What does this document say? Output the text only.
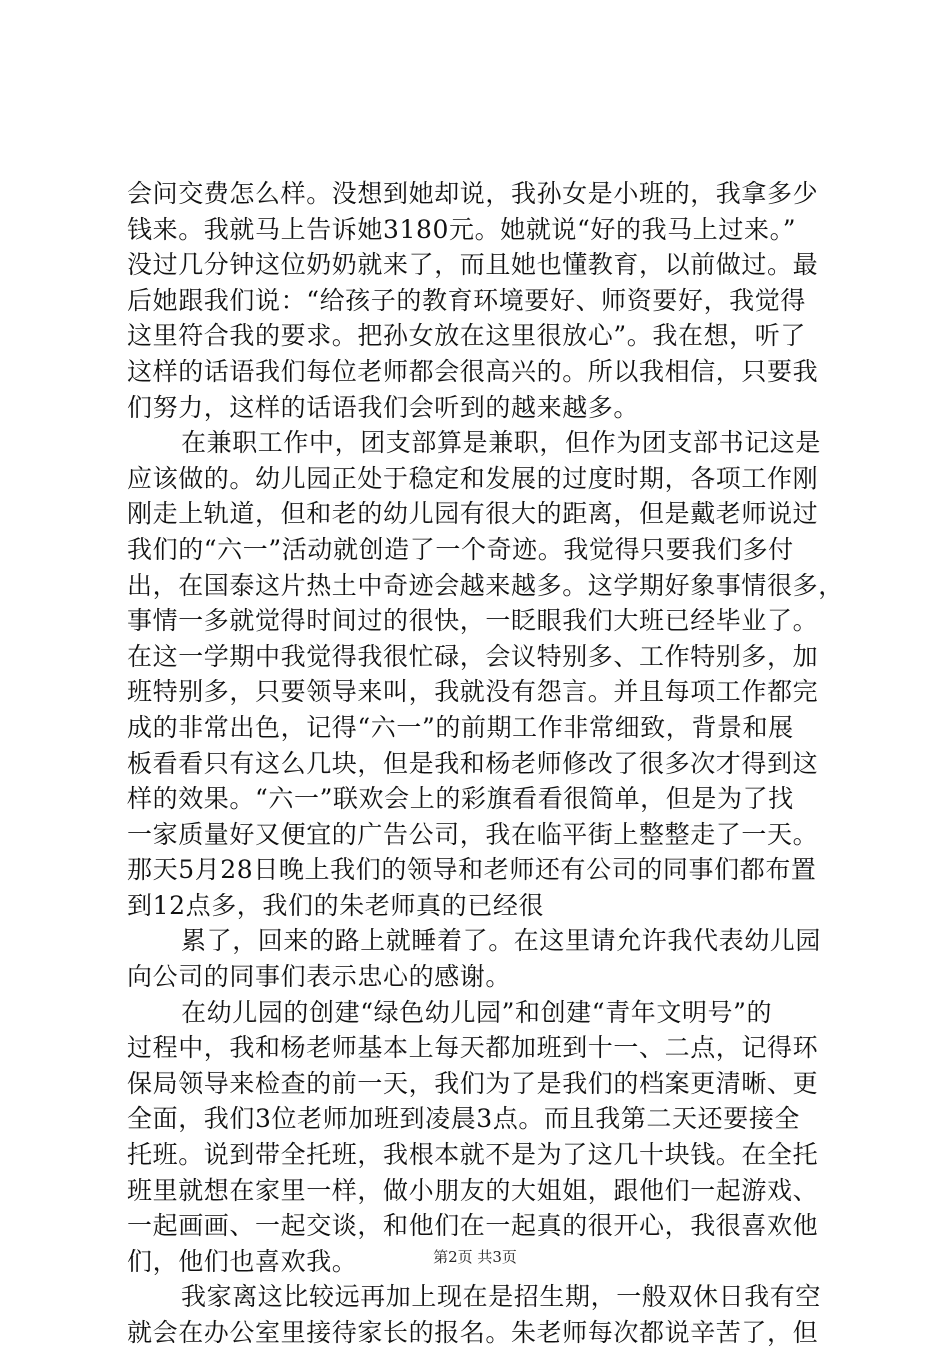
会问交费怎么样。没想到她却说，我孙女是小班的，我拿多少
钱来。我就马上告诉她3180元。她就说“好的我马上过来。”
没过几分钟这位奶奶就来了，而且她也懂教育，以前做过。最
后她跟我们说：“给孩子的教育环境要好、师资要好，我觉得
这里符合我的要求。把孙女放在这里很放心”。我在想，听了
这样的话语我们每位老师都会很高兴的。所以我相信，只要我
们努力，这样的话语我们会听到的越来越多。
在兼职工作中，团支部算是兼职，但作为团支部书记这是
应该做的。幼儿园正处于稳定和发展的过度时期，各项工作刚
刚走上轨道，但和老的幼儿园有很大的距离，但是戴老师说过
我们的“六一”活动就创造了一个奇迹。我觉得只要我们多付
出，在国泰这片热土中奇迹会越来越多。这学期好象事情很多，
事情一多就觉得时间过的很快，一眨眼我们大班已经毕业了。
在这一学期中我觉得我很忙碌，会议特别多、工作特别多，加
班特别多，只要领导来叫，我就没有怨言。并且每项工作都完
成的非常出色，记得“六一”的前期工作非常细致，背景和展
板看看只有这么几块，但是我和杨老师修改了很多次才得到这
样的效果。“六一”联欢会上的彩旗看看很简单，但是为了找
一家质量好又便宜的广告公司，我在临平街上整整走了一天。
那天5月28日晚上我们的领导和老师还有公司的同事们都布置
到12点多，我们的朱老师真的已经很
累了，回来的路上就睡着了。在这里请允许我代表幼儿园
向公司的同事们表示忠心的感谢。
在幼儿园的创建“绿色幼儿园”和创建“青年文明号”的
过程中，我和杨老师基本上每天都加班到十一、二点，记得环
保局领导来检查的前一天，我们为了是我们的档案更清晰、更
全面，我们3位老师加班到凌晨3点。而且我第二天还要接全
托班。说到带全托班，我根本就不是为了这几十块钱。在全托
班里就想在家里一样，做小朋友的大姐姐，跟他们一起游戏、
一起画画、一起交谈，和他们在一起真的很开心，我很喜欢他
们，他们也喜欢我。
我家离这比较远再加上现在是招生期，一般双休日我有空
就会在办公室里接待家长的报名。朱老师每次都说辛苦了，但
第2页 共3页
